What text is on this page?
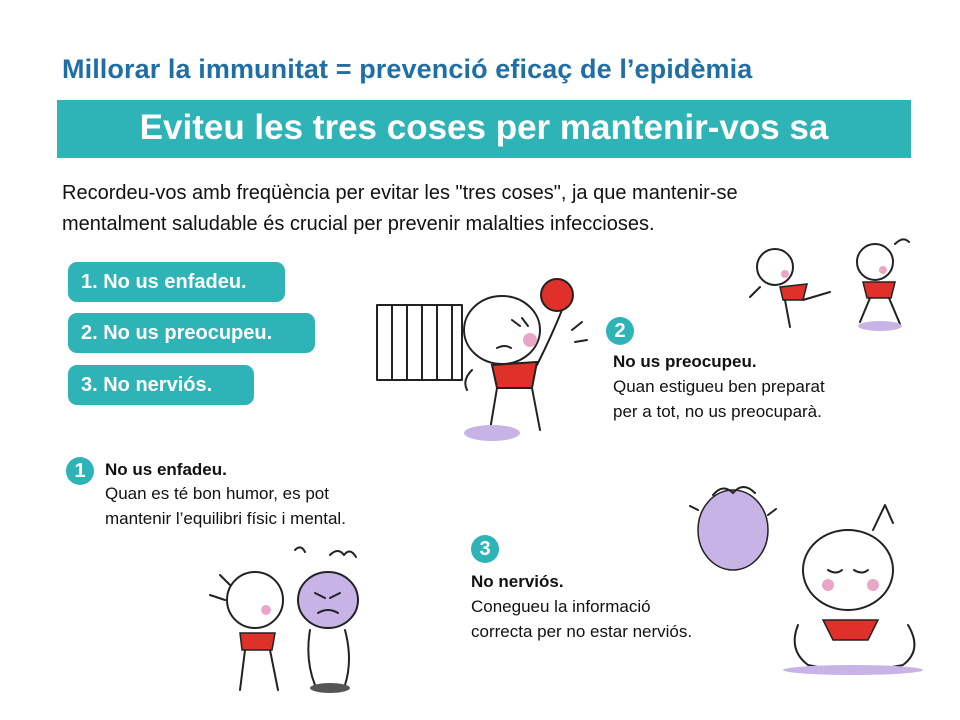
Millorar la immunitat = prevenció eficaç de l’epidèmia
Eviteu les tres coses per mantenir-vos sa
Recordeu-vos amb freqüència per evitar les "tres coses", ja que mantenir-se
mentalment saludable és crucial per prevenir malalties infeccioses.
1. No us enfadeu.
2. No us preocupeu.
3. No nerviós.
2
No us preocupeu.
Quan estigueu ben preparat
per a tot, no us preocuparà.
1	No us enfadeu.
Quan es té bon humor, es pot
mantenir l’equilibri físic i mental.
3
No nerviós.
Conegueu la informació
correcta per no estar nerviós.
